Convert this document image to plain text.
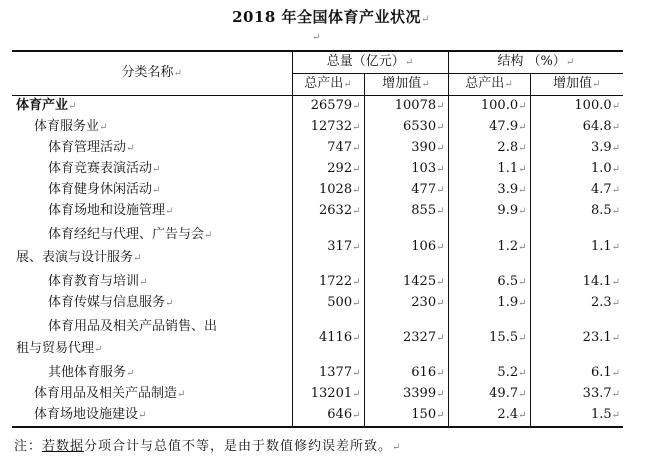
2018 年全国体育产业状况↵
↵
分类名称↵	总量（亿元）↵		结构 （%）↵	
	总产出↵	增加值↵	总产出↵	增加值↵
体育产业↵	26579↵	10078↵	100.0↵	100.0↵
体育服务业↵	12732↵	6530↵	47.9↵	64.8↵
体育管理活动↵	747↵	390↵	2.8↵	3.9↵
体育竞赛表演活动↵	292↵	103↵	1.1↵	1.0↵
体育健身休闲活动↵	1028↵	477↵	3.9↵	4.7↵
体育场地和设施管理↵	2632↵	855↵	9.9↵	8.5↵
体育经纪与代理、广告与会↵
展、表演与设计服务↵	317↵	106↵	1.2↵	1.1↵
体育教育与培训↵	1722↵	1425↵	6.5↵	14.1↵
体育传媒与信息服务↵	500↵	230↵	1.9↵	2.3↵
体育用品及相关产品销售、出
租与贸易代理↵	4116↵	2327↵	15.5↵	23.1↵
其他体育服务↵	1377↵	616↵	5.2↵	6.1↵
体育用品及相关产品制造↵	13201↵	3399↵	49.7↵	33.7↵
体育场地设施建设↵	646↵	150↵	2.4↵	1.5↵
注：若数据分项合计与总值不等，是由于数值修约误差所致。↵
